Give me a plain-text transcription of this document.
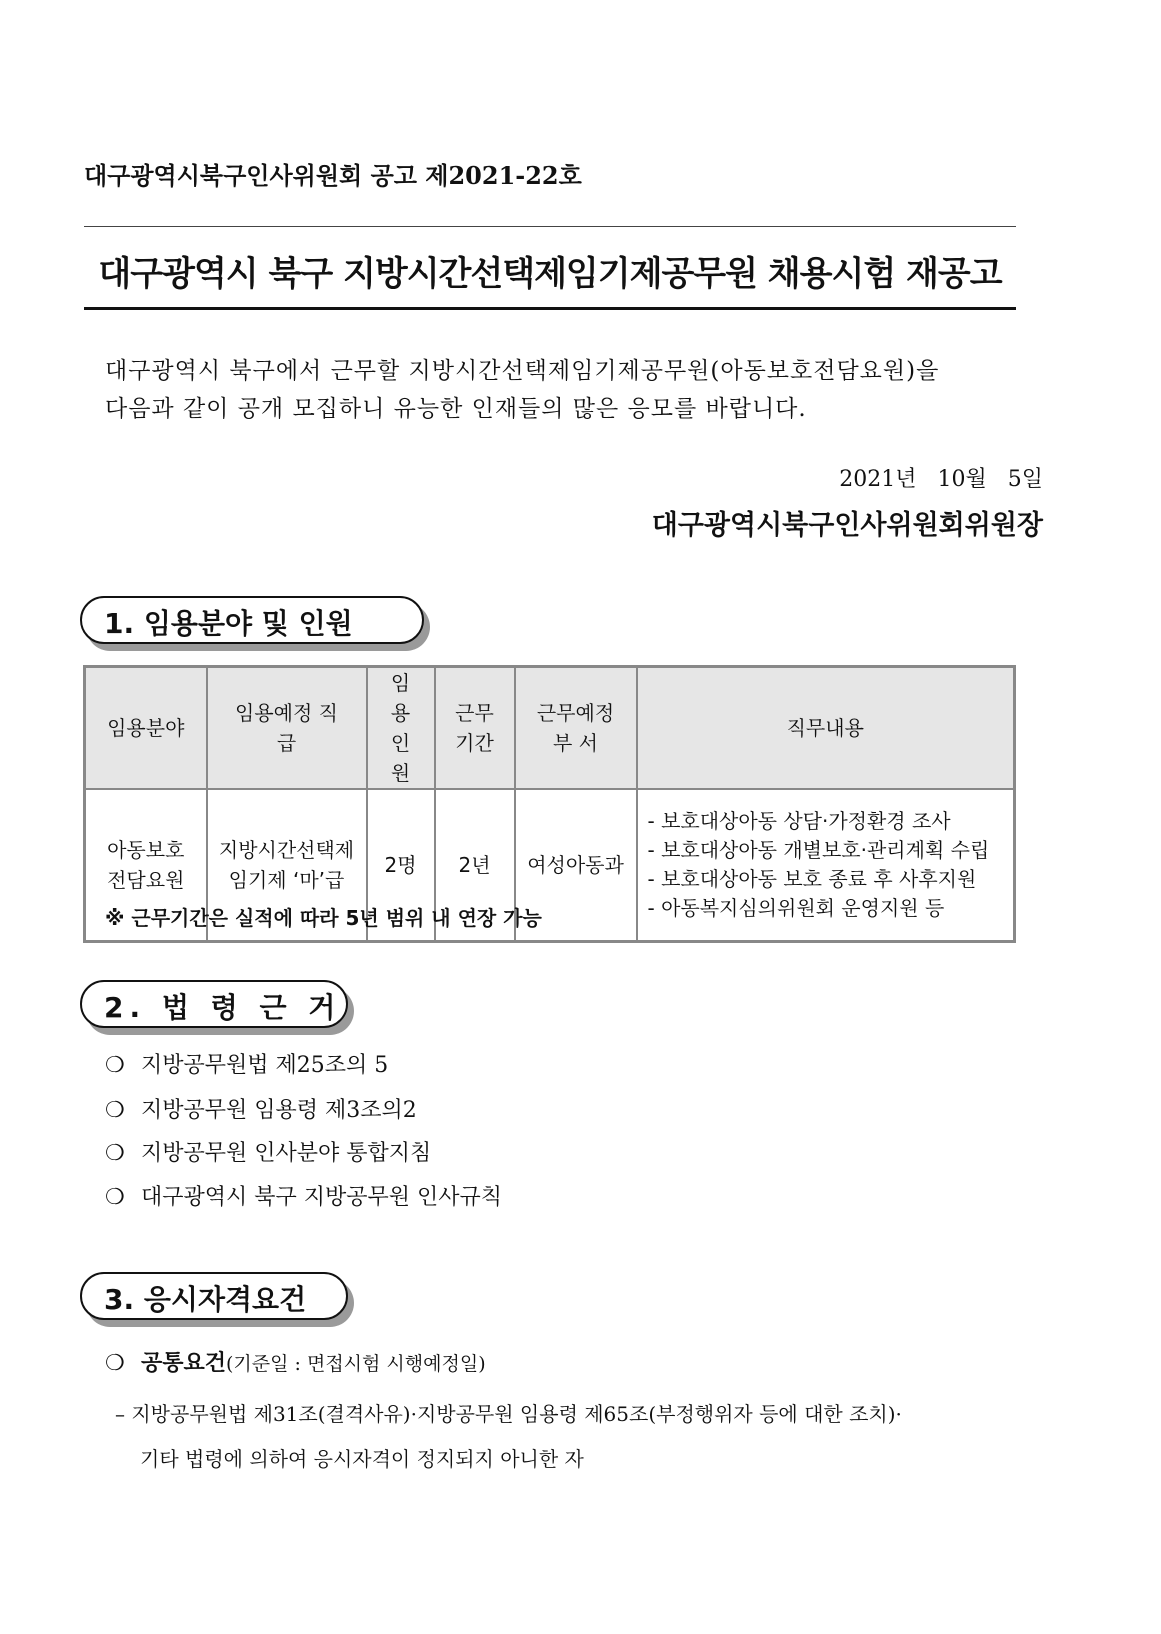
대구광역시북구인사위원회 공고 제2021-22호
대구광역시 북구 지방시간선택제임기제공무원 채용시험 재공고
대구광역시 북구에서 근무할 지방시간선택제임기제공무원(아동보호전담요원)을
다음과 같이 공개 모집하니 유능한 인재들의 많은 응모를 바랍니다.
2021년 10월 5일
대구광역시북구인사위원회위원장
1. 임용분야 및 인원
임용분야	임용예정 직 급	임용 인원	근무 기간	근무예정 부 서	직무내용
아동보호 전담요원	지방시간선택제 임기제 ‘마’급	2명	2년	여성아동과	- 보호대상아동 상담·가정환경 조사
- 보호대상아동 개별보호·관리계획 수립
- 보호대상아동 보호 종료 후 사후지원
- 아동복지심의위원회 운영지원 등
※ 근무기간은 실적에 따라 5년 범위 내 연장 가능
2. 법 령 근 거
❍ 지방공무원법 제25조의 5
❍ 지방공무원 임용령 제3조의2
❍ 지방공무원 인사분야 통합지침
❍ 대구광역시 북구 지방공무원 인사규칙
3. 응시자격요건
❍ 공통요건(기준일 : 면접시험 시행예정일)
– 지방공무원법 제31조(결격사유)·지방공무원 임용령 제65조(부정행위자 등에 대한 조치)·
기타 법령에 의하여 응시자격이 정지되지 아니한 자
